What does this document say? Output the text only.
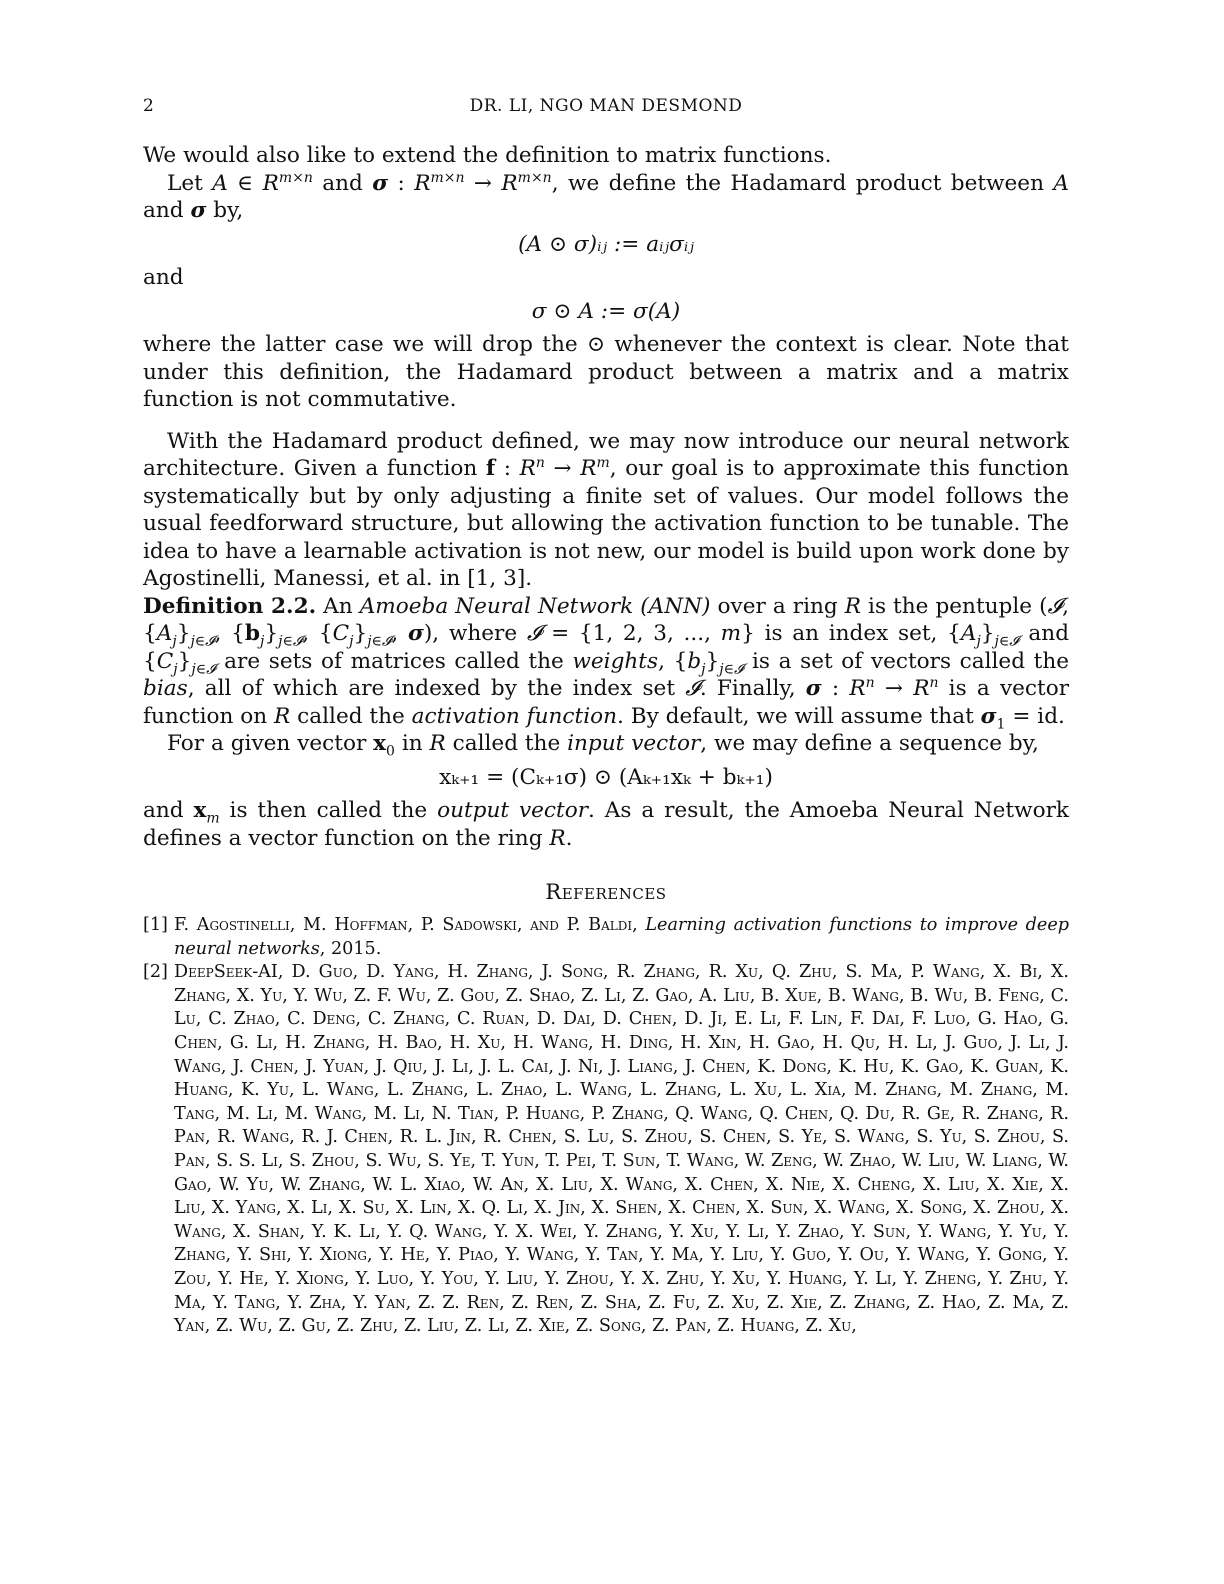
2	DR. LI, NGO MAN DESMOND

We would also like to extend the definition to matrix functions.

Let A ∈ $R^{m\times n}$ and σ : $R^{m\times n} \to R^{m\times n}$, we define the Hadamard product between A and σ by,

(A ⊙ σ)ᵢⱼ := aᵢⱼσᵢⱼ

and

σ ⊙ A := σ(A)

where the latter case we will drop the ⊙ whenever the context is clear. Note that under this definition, the Hadamard product between a matrix and a matrix function is not commutative.

With the Hadamard product defined, we may now introduce our neural network architecture. Given a function f : $R^n \to R^m$, our goal is to approximate this function systematically but by only adjusting a finite set of values. Our model follows the usual feedforward structure, but allowing the activation function to be tunable. The idea to have a learnable activation is not new, our model is build upon work done by Agostinelli, Manessi, et al. in [1, 3].

Definition 2.2. An Amoeba Neural Network (ANN) over a ring R is the pentuple (𝓘, $\{A_j\}_{j\in 𝓘}$, $\{b_j\}_{j\in 𝓘}$, $\{C_j\}_{j\in 𝓘}$, σ), where 𝓘 = {1, 2, 3, ..., m} is an index set, $\{A_j\}_{j\in 𝓘}$ and $\{C_j\}_{j\in 𝓘}$ are sets of matrices called the weights, $\{b_j\}_{j\in 𝓘}$ is a set of vectors called the bias, all of which are indexed by the index set 𝓘. Finally, σ : $R^n \to R^n$ is a vector function on R called the activation function. By default, we will assume that $\sigma_1$ = id.

For a given vector $x_0$ in R called the input vector, we may define a sequence by,

xₖ₊₁ = (Cₖ₊₁σ) ⊙ (Aₖ₊₁xₖ + bₖ₊₁)

and $x_m$ is then called the output vector. As a result, the Amoeba Neural Network defines a vector function on the ring R.

References

[1] F. Agostinelli, M. Hoffman, P. Sadowski, and P. Baldi, Learning activation functions to improve deep neural networks, 2015.

[2] DeepSeek-AI, D. Guo, D. Yang, H. Zhang, J. Song, R. Zhang, R. Xu, Q. Zhu, S. Ma, P. Wang, X. Bi, X. Zhang, X. Yu, Y. Wu, Z. F. Wu, Z. Gou, Z. Shao, Z. Li, Z. Gao, A. Liu, B. Xue, B. Wang, B. Wu, B. Feng, C. Lu, C. Zhao, C. Deng, C. Zhang, C. Ruan, D. Dai, D. Chen, D. Ji, E. Li, F. Lin, F. Dai, F. Luo, G. Hao, G. Chen, G. Li, H. Zhang, H. Bao, H. Xu, H. Wang, H. Ding, H. Xin, H. Gao, H. Qu, H. Li, J. Guo, J. Li, J. Wang, J. Chen, J. Yuan, J. Qiu, J. Li, J. L. Cai, J. Ni, J. Liang, J. Chen, K. Dong, K. Hu, K. Gao, K. Guan, K. Huang, K. Yu, L. Wang, L. Zhang, L. Zhao, L. Wang, L. Zhang, L. Xu, L. Xia, M. Zhang, M. Zhang, M. Tang, M. Li, M. Wang, M. Li, N. Tian, P. Huang, P. Zhang, Q. Wang, Q. Chen, Q. Du, R. Ge, R. Zhang, R. Pan, R. Wang, R. J. Chen, R. L. Jin, R. Chen, S. Lu, S. Zhou, S. Chen, S. Ye, S. Wang, S. Yu, S. Zhou, S. Pan, S. S. Li, S. Zhou, S. Wu, S. Ye, T. Yun, T. Pei, T. Sun, T. Wang, W. Zeng, W. Zhao, W. Liu, W. Liang, W. Gao, W. Yu, W. Zhang, W. L. Xiao, W. An, X. Liu, X. Wang, X. Chen, X. Nie, X. Cheng, X. Liu, X. Xie, X. Liu, X. Yang, X. Li, X. Su, X. Lin, X. Q. Li, X. Jin, X. Shen, X. Chen, X. Sun, X. Wang, X. Song, X. Zhou, X. Wang, X. Shan, Y. K. Li, Y. Q. Wang, Y. X. Wei, Y. Zhang, Y. Xu, Y. Li, Y. Zhao, Y. Sun, Y. Wang, Y. Yu, Y. Zhang, Y. Shi, Y. Xiong, Y. He, Y. Piao, Y. Wang, Y. Tan, Y. Ma, Y. Liu, Y. Guo, Y. Ou, Y. Wang, Y. Gong, Y. Zou, Y. He, Y. Xiong, Y. Luo, Y. You, Y. Liu, Y. Zhou, Y. X. Zhu, Y. Xu, Y. Huang, Y. Li, Y. Zheng, Y. Zhu, Y. Ma, Y. Tang, Y. Zha, Y. Yan, Z. Z. Ren, Z. Ren, Z. Sha, Z. Fu, Z. Xu, Z. Xie, Z. Zhang, Z. Hao, Z. Ma, Z. Yan, Z. Wu, Z. Gu, Z. Zhu, Z. Liu, Z. Li, Z. Xie, Z. Song, Z. Pan, Z. Huang, Z. Xu,
